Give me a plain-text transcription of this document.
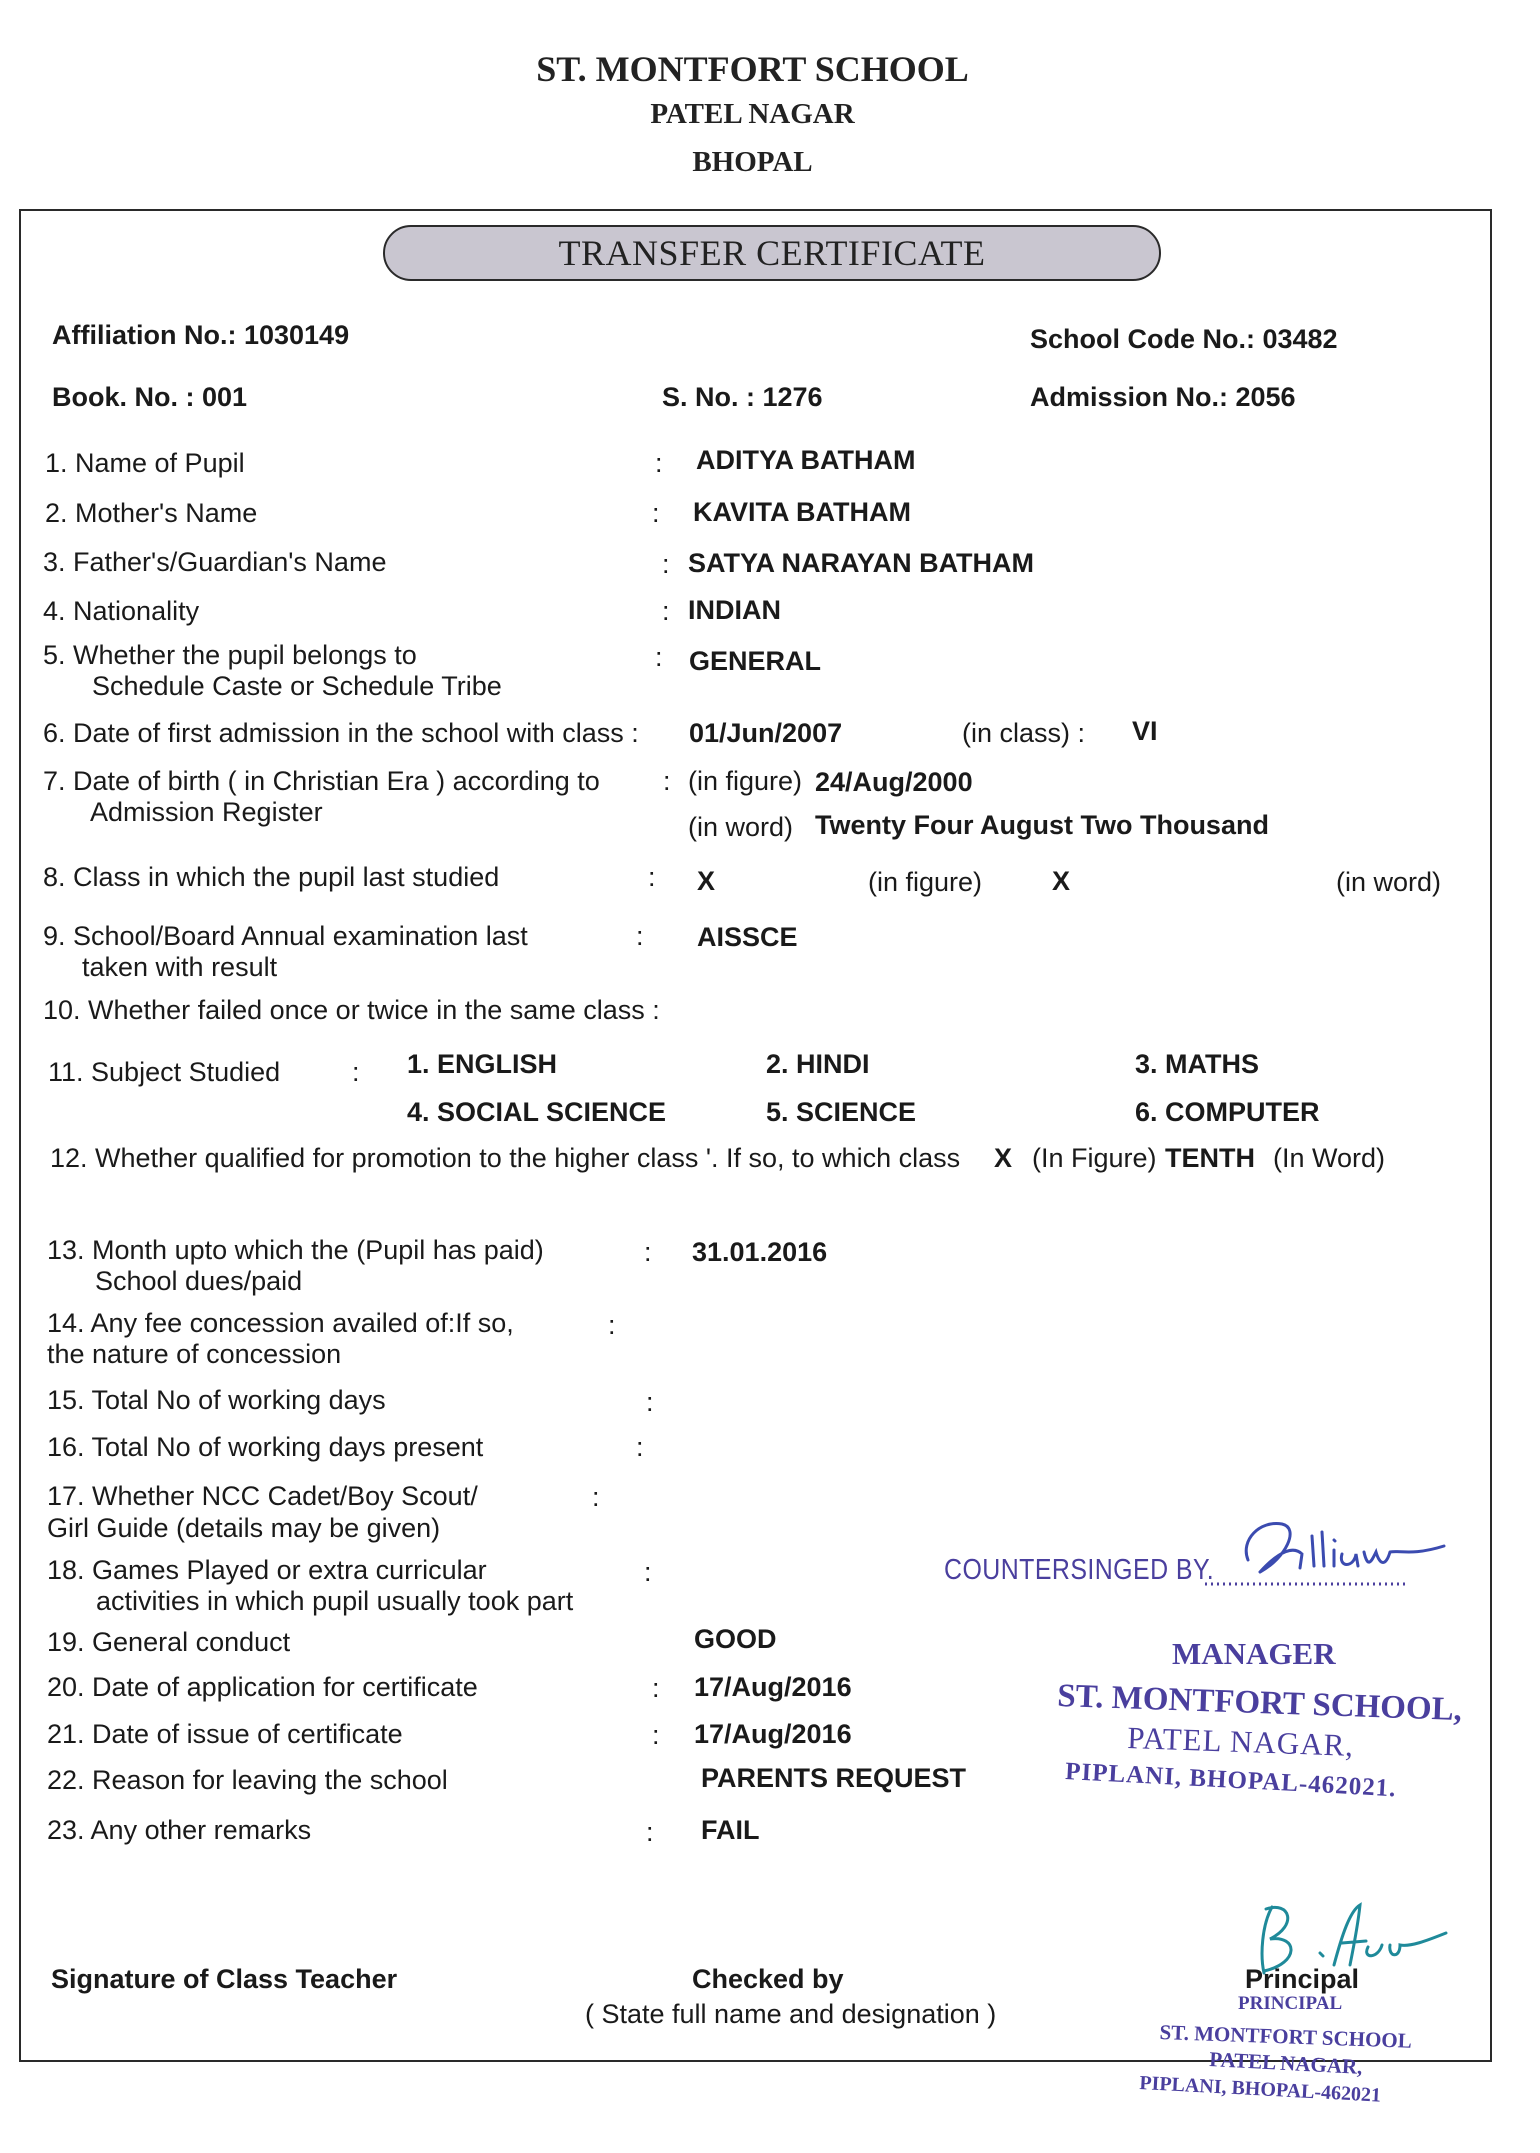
ST. MONTFORT SCHOOL
PATEL NAGAR
BHOPAL
TRANSFER CERTIFICATE
Affiliation No.: 1030149	School Code No.: 03482
Book. No. : 001	S. No. : 1276	Admission No.: 2056
1. Name of Pupil	: ADITYA BATHAM
2. Mother's Name	: KAVITA BATHAM
3. Father's/Guardian's Name	: SATYA NARAYAN BATHAM
4. Nationality	: INDIAN
5. Whether the pupil belongs to
Schedule Caste or Schedule Tribe
: GENERAL
6. Date of first admission in the school with class : 01/Jun/2007	(in class) : VI
7. Date of birth ( in Christian Era ) according to
Admission Register
: (in figure) 24/Aug/2000
(in word) Twenty Four August Two Thousand
8. Class in which the pupil last studied	: X	(in figure)	X	(in word)
9. School/Board Annual examination last
taken with result
: AISSCE
10. Whether failed once or twice in the same class :
11. Subject Studied	: 1. ENGLISH	2. HINDI	3. MATHS
4. SOCIAL SCIENCE	5. SCIENCE	6. COMPUTER
12. Whether qualified for promotion to the higher class '. If so, to which class X (In Figure) TENTH (In Word)
13. Month upto which the (Pupil has paid)
School dues/paid
: 31.01.2016
14. Any fee concession availed of:If so,
the nature of concession
:
15. Total No of working days	:
16. Total No of working days present	:
17. Whether NCC Cadet/Boy Scout/
Girl Guide (details may be given)
:
18. Games Played or extra curricular
activities in which pupil usually took part
:
19. General conduct	GOOD
20. Date of application for certificate	: 17/Aug/2016
21. Date of issue of certificate	: 17/Aug/2016
22. Reason for leaving the school	PARENTS REQUEST
23. Any other remarks	: FAIL
COUNTERSINGED BY.
MANAGER
ST. MONTFORT SCHOOL,
PATEL NAGAR,
PIPLANI, BHOPAL-462021.
Signature of Class Teacher	Checked by
( State full name and designation )
Principal
PRINCIPAL
ST. MONTFORT SCHOOL
PATEL NAGAR,
PIPLANI, BHOPAL-462021
